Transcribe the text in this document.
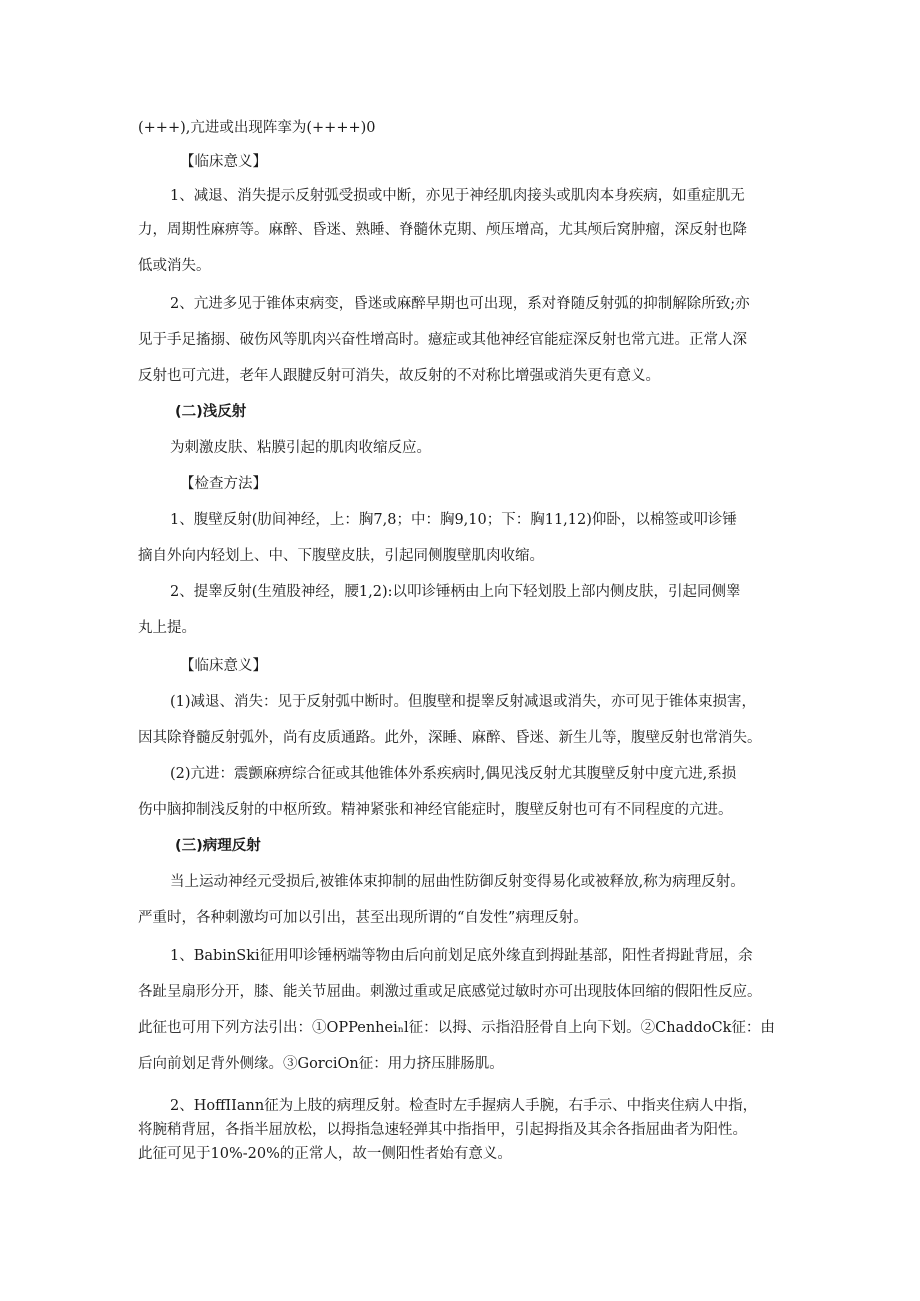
(+++),亢进或出现阵挛为(++++)0
【临床意义】
1、减退、消失提示反射弧受损或中断，亦见于神经肌肉接头或肌肉本身疾病，如重症肌无
力，周期性麻痹等。麻醉、昏迷、熟睡、脊髓休克期、颅压增高，尤其颅后窝肿瘤，深反射也降
低或消失。
2、亢进多见于锥体束病变，昏迷或麻醉早期也可出现，系对脊随反射弧的抑制解除所致;亦
见于手足搐搦、破伤风等肌肉兴奋性增高时。癔症或其他神经官能症深反射也常亢进。正常人深
反射也可亢进，老年人跟腱反射可消失，故反射的不对称比增强或消失更有意义。
(二)浅反射
为刺激皮肤、粘膜引起的肌肉收缩反应。
【检查方法】
1、腹壁反射(肋间神经，上：胸7,8；中：胸9,10；下：胸11,12)仰卧，以棉签或叩诊锤
摘自外向内轻划上、中、下腹壁皮肤，引起同侧腹壁肌肉收缩。
2、提睾反射(生殖股神经，腰1,2):以叩诊锤柄由上向下轻划股上部内侧皮肤，引起同侧睾
丸上提。
【临床意义】
(1)减退、消失：见于反射弧中断时。但腹壁和提睾反射减退或消失，亦可见于锥体束损害，
因其除脊髓反射弧外，尚有皮质通路。此外，深睡、麻醉、昏迷、新生儿等，腹壁反射也常消失。
(2)亢进：震颤麻痹综合征或其他锥体外系疾病时,偶见浅反射尤其腹壁反射中度亢进,系损
伤中脑抑制浅反射的中枢所致。精神紧张和神经官能症时，腹壁反射也可有不同程度的亢进。
(三)病理反射
当上运动神经元受损后,被锥体束抑制的屈曲性防御反射变得易化或被释放,称为病理反射。
严重时，各种刺激均可加以引出，甚至出现所谓的“自发性”病理反射。
1、BabinSki征用叩诊锤柄端等物由后向前划足底外缘直到拇趾基部，阳性者拇趾背屈，余
各趾呈扇形分开，膝、能关节屈曲。刺激过重或足底感觉过敏时亦可出现肢体回缩的假阳性反应。
此征也可用下列方法引出：①OPPenheiₙl征：以拇、示指沿胫骨自上向下划。②ChaddoCk征：由
后向前划足背外侧缘。③GorciOn征：用力挤压腓肠肌。
2、HoffIIann征为上肢的病理反射。检查时左手握病人手腕，右手示、中指夹住病人中指，
将腕稍背屈，各指半屈放松，以拇指急速轻弹其中指指甲，引起拇指及其余各指屈曲者为阳性。
此征可见于10%-20%的正常人，故一侧阳性者始有意义。
